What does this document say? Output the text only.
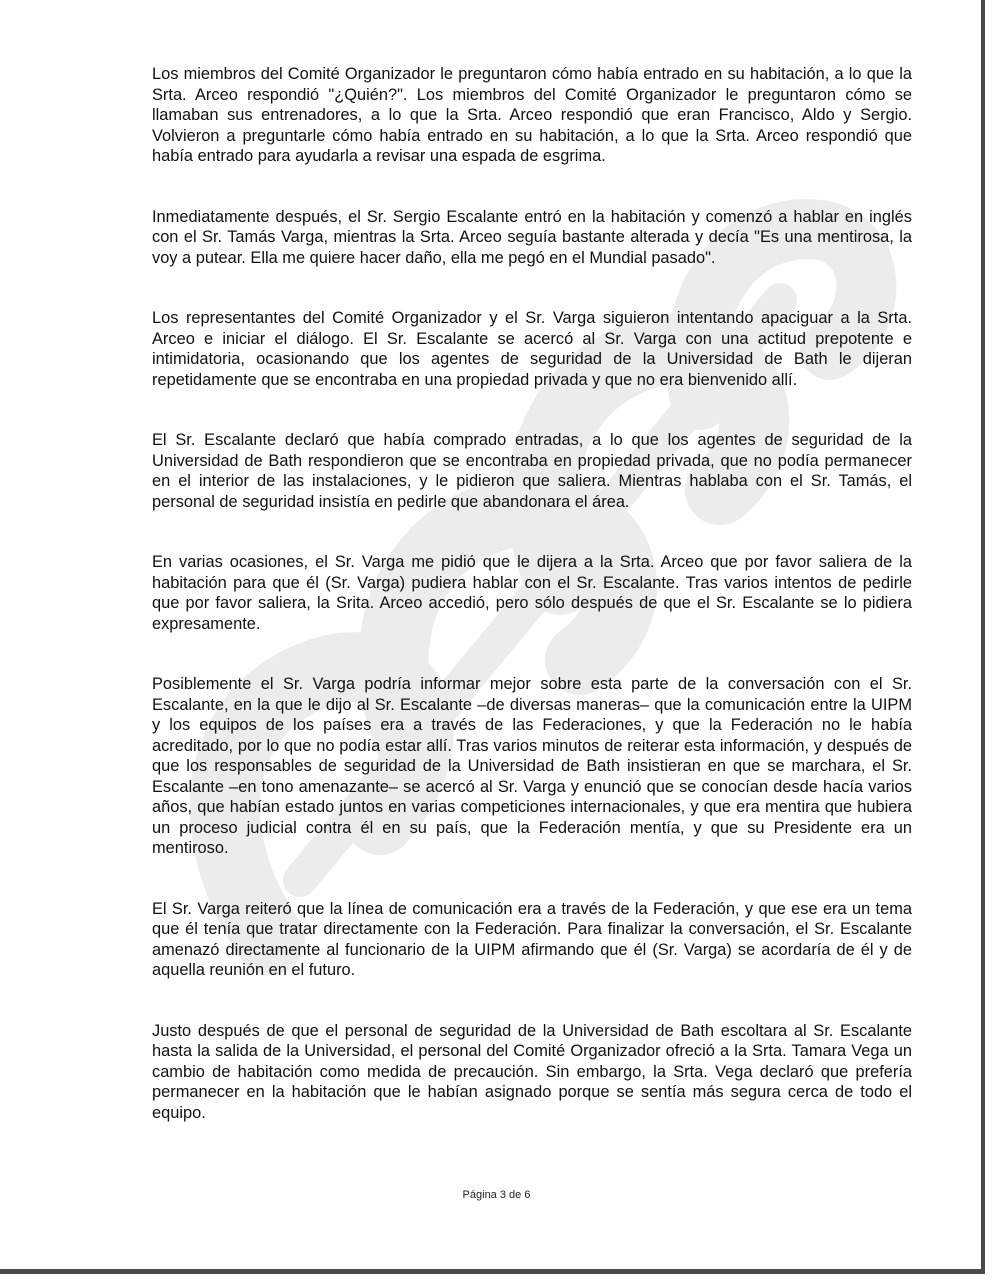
Los miembros del Comité Organizador le preguntaron cómo había entrado en su habitación, a lo que la Srta. Arceo respondió "¿Quién?". Los miembros del Comité Organizador le preguntaron cómo se llamaban sus entrenadores, a lo que la Srta. Arceo respondió que eran Francisco, Aldo y Sergio. Volvieron a preguntarle cómo había entrado en su habitación, a lo que la Srta. Arceo respondió que había entrado para ayudarla a revisar una espada de esgrima.

Inmediatamente después, el Sr. Sergio Escalante entró en la habitación y comenzó a hablar en inglés con el Sr. Tamás Varga, mientras la Srta. Arceo seguía bastante alterada y decía "Es una mentirosa, la voy a putear. Ella me quiere hacer daño, ella me pegó en el Mundial pasado".

Los representantes del Comité Organizador y el Sr. Varga siguieron intentando apaciguar a la Srta. Arceo e iniciar el diálogo. El Sr. Escalante se acercó al Sr. Varga con una actitud prepotente e intimidatoria, ocasionando que los agentes de seguridad de la Universidad de Bath le dijeran repetidamente que se encontraba en una propiedad privada y que no era bienvenido allí.

El Sr. Escalante declaró que había comprado entradas, a lo que los agentes de seguridad de la Universidad de Bath respondieron que se encontraba en propiedad privada, que no podía permanecer en el interior de las instalaciones, y le pidieron que saliera. Mientras hablaba con el Sr. Tamás, el personal de seguridad insistía en pedirle que abandonara el área.

En varias ocasiones, el Sr. Varga me pidió que le dijera a la Srta. Arceo que por favor saliera de la habitación para que él (Sr. Varga) pudiera hablar con el Sr. Escalante. Tras varios intentos de pedirle que por favor saliera, la Srita. Arceo accedió, pero sólo después de que el Sr. Escalante se lo pidiera expresamente.

Posiblemente el Sr. Varga podría informar mejor sobre esta parte de la conversación con el Sr. Escalante, en la que le dijo al Sr. Escalante –de diversas maneras– que la comunicación entre la UIPM y los equipos de los países era a través de las Federaciones, y que la Federación no le había acreditado, por lo que no podía estar allí. Tras varios minutos de reiterar esta información, y después de que los responsables de seguridad de la Universidad de Bath insistieran en que se marchara, el Sr. Escalante –en tono amenazante– se acercó al Sr. Varga y enunció que se conocían desde hacía varios años, que habían estado juntos en varias competiciones internacionales, y que era mentira que hubiera un proceso judicial contra él en su país, que la Federación mentía, y que su Presidente era un mentiroso.

El Sr. Varga reiteró que la línea de comunicación era a través de la Federación, y que ese era un tema que él tenía que tratar directamente con la Federación. Para finalizar la conversación, el Sr. Escalante amenazó directamente al funcionario de la UIPM afirmando que él (Sr. Varga) se acordaría de él y de aquella reunión en el futuro.

Justo después de que el personal de seguridad de la Universidad de Bath escoltara al Sr. Escalante hasta la salida de la Universidad, el personal del Comité Organizador ofreció a la Srta. Tamara Vega un cambio de habitación como medida de precaución. Sin embargo, la Srta. Vega declaró que prefería permanecer en la habitación que le habían asignado porque se sentía más segura cerca de todo el equipo.

Página 3 de 6
